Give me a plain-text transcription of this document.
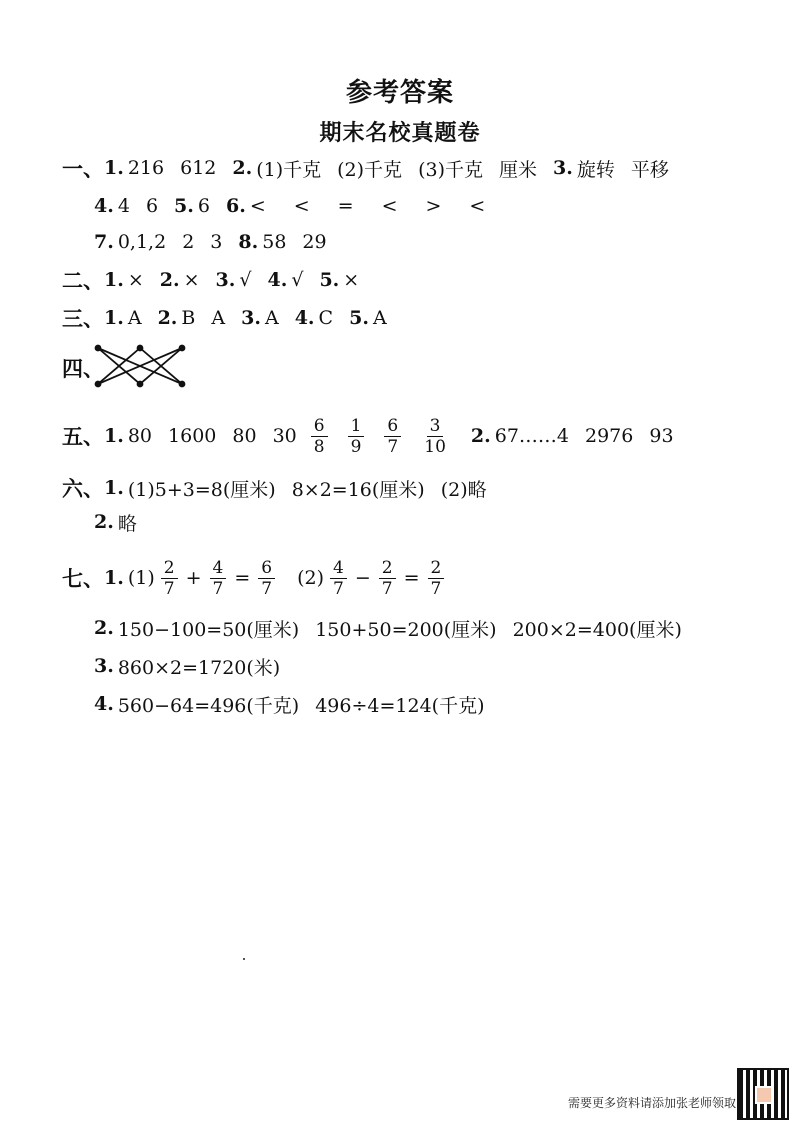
参考答案
期末名校真题卷
一、 1. 216 612 2. (1)千克 (2)千克 (3)千克 厘米 3. 旋转 平移
4. 4 6 5. 6 6. < < = < > <
7. 0,1,2 2 3 8. 58 29
二、 1. × 2. × 3. √ 4. √ 5. ×
三、 1. A 2. B A 3. A 4. C 5. A
四、
五、 1. 80 1600 80 $30 \frac{6}{8} \frac{1}{9} \frac{6}{7} \frac{3}{10} 2$. 67……4 2976 93
六、 1. (1)5+3=8(厘米) 8×2=16(厘米) (2)略
2. 略
七、 1. $(1) \frac{2}{7} + \frac{4}{7} = \frac{6}{7} (2) \frac{4}{7} - \frac{2}{7} = \frac{2}{7}$
2. 150−100=50(厘米) 150+50=200(厘米) 200×2=400(厘米)
3. 860×2=1720(米)
4. 560−64=496(千克) 496÷4=124(千克)
需要更多资料请添加张老师领取
